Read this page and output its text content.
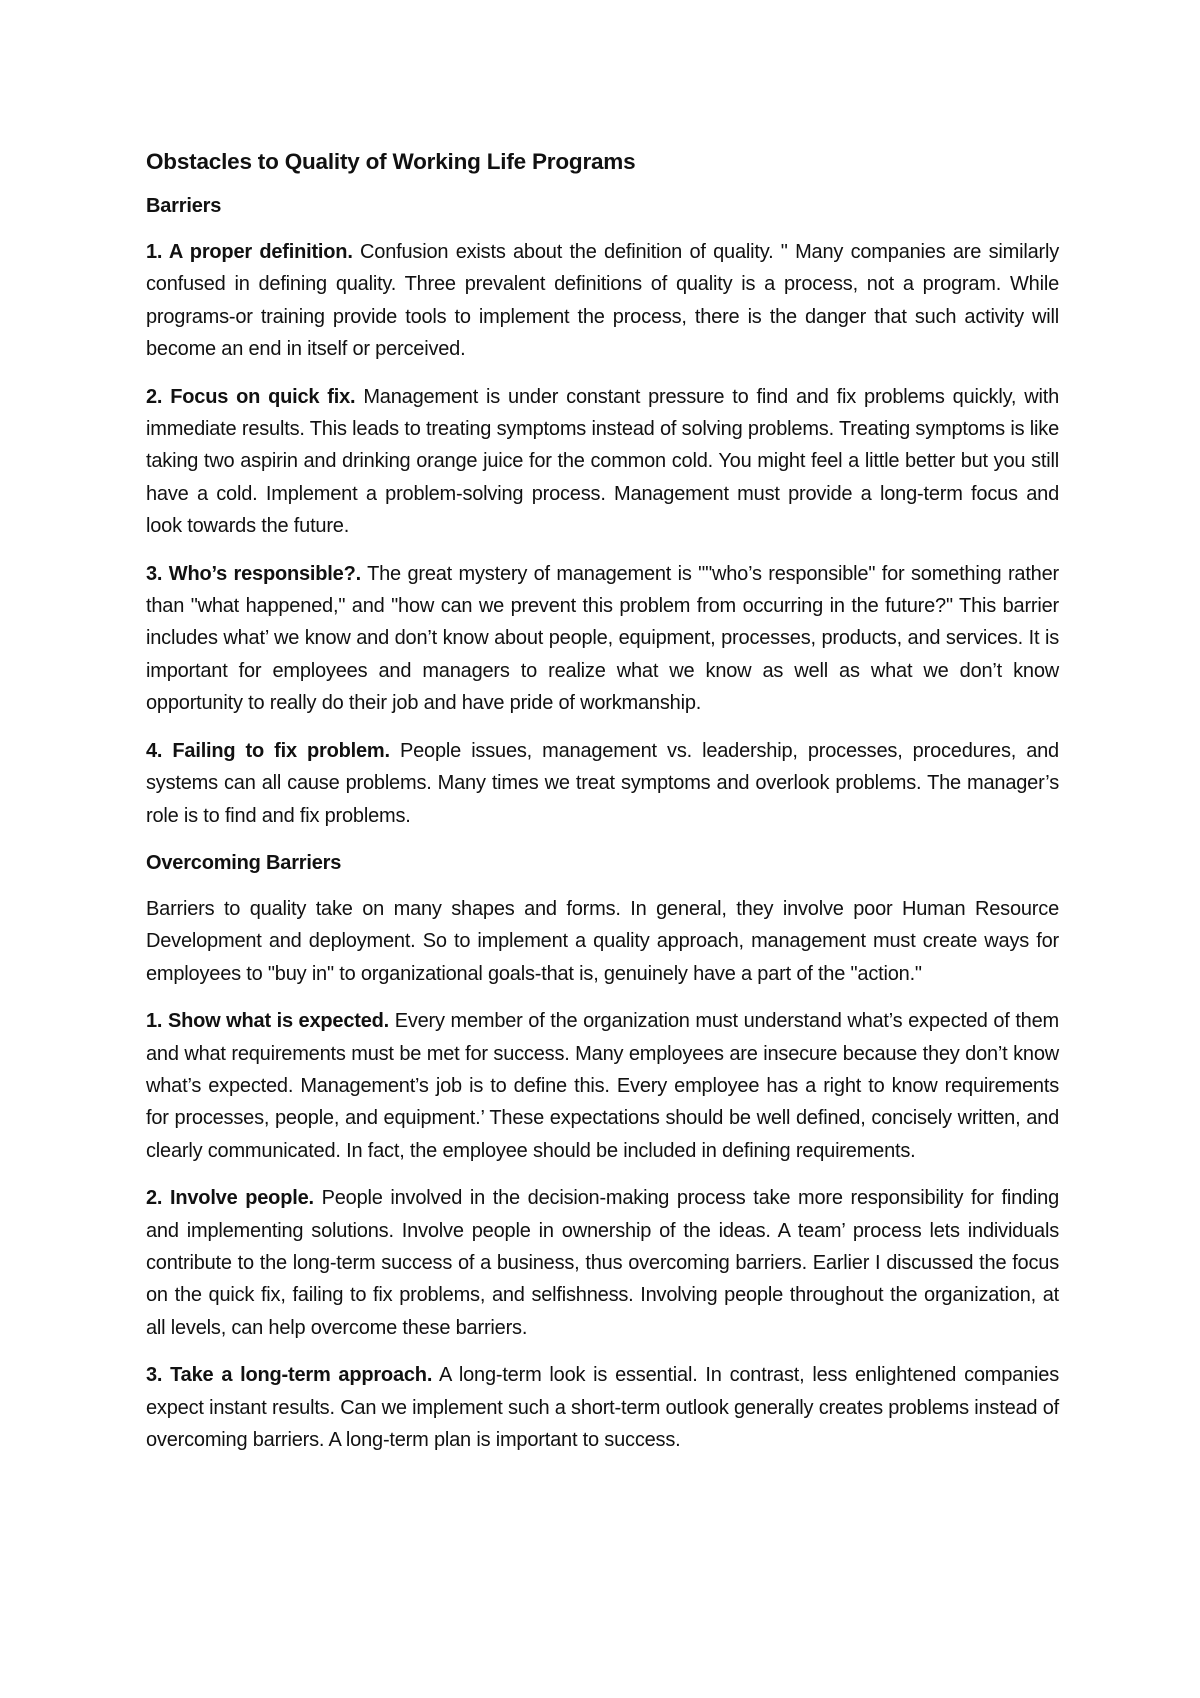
Obstacles to Quality of Working Life Programs
Barriers

1. A proper definition. Confusion exists about the definition of quality. " Many companies are similarly confused in defining quality. Three prevalent definitions of quality is a process, not a program. While programs-or training provide tools to implement the process, there is the danger that such activity will become an end in itself or perceived.

2. Focus on quick fix. Management is under constant pressure to find and fix problems quickly, with immediate results. This leads to treating symptoms instead of solving problems. Treating symptoms is like taking two aspirin and drinking orange juice for the common cold. You might feel a little better but you still have a cold. Implement a problem-solving process. Management must provide a long-term focus and look towards the future.

3. Who’s responsible?. The great mystery of management is ""who’s responsible" for something rather than "what happened," and "how can we prevent this problem from occurring in the future?" This barrier includes what’ we know and don’t know about people, equipment, processes, products, and services. It is important for employees and managers to realize what we know as well as what we don’t know opportunity to really do their job and have pride of workmanship.

4. Failing to fix problem. People issues, management vs. leadership, processes, procedures, and systems can all cause problems. Many times we treat symptoms and overlook problems. The manager’s role is to find and fix problems.

Overcoming Barriers

Barriers to quality take on many shapes and forms. In general, they involve poor Human Resource Development and deployment. So to implement a quality approach, management must create ways for employees to "buy in" to organizational goals-that is, genuinely have a part of the "action."

1. Show what is expected. Every member of the organization must understand what’s expected of them and what requirements must be met for success. Many employees are insecure because they don’t know what’s expected. Management’s job is to define this. Every employee has a right to know requirements for processes, people, and equipment.’ These expectations should be well defined, concisely written, and clearly communicated. In fact, the employee should be included in defining requirements.

2. Involve people. People involved in the decision-making process take more responsibility for finding and implementing solutions. Involve people in ownership of the ideas. A team’ process lets individuals contribute to the long-term success of a business, thus overcoming barriers. Earlier I discussed the focus on the quick fix, failing to fix problems, and selfishness. Involving people throughout the organization, at all levels, can help overcome these barriers.

3. Take a long-term approach. A long-term look is essential. In contrast, less enlightened companies expect instant results. Can we implement such a short-term outlook generally creates problems instead of overcoming barriers. A long-term plan is important to success.
